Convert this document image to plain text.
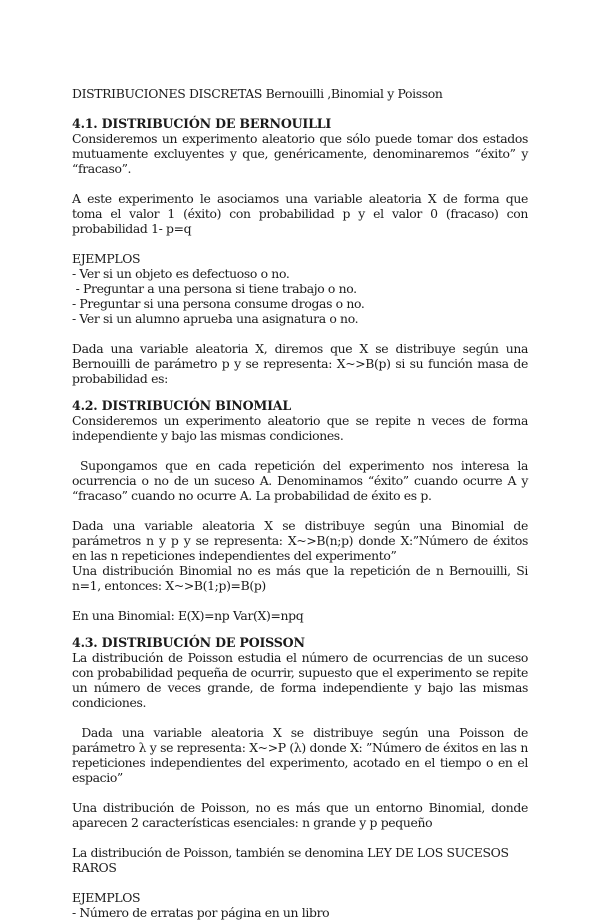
DISTRIBUCIONES DISCRETAS Bernouilli ,Binomial y Poisson

4.1. DISTRIBUCIÓN DE BERNOUILLI

Consideremos un experimento aleatorio que sólo puede tomar dos estados mutuamente excluyentes y que, genéricamente, denominaremos “éxito” y “fracaso”.

A este experimento le asociamos una variable aleatoria X de forma que toma el valor 1 (éxito) con probabilidad p y el valor 0 (fracaso) con probabilidad 1- p=q

EJEMPLOS

- Ver si un objeto es defectuoso o no.

- Preguntar a una persona si tiene trabajo o no.

- Preguntar si una persona consume drogas o no.

- Ver si un alumno aprueba una asignatura o no.

Dada una variable aleatoria X, diremos que X se distribuye según una Bernouilli de parámetro p y se representa: X~>B(p) si su función masa de probabilidad es:

4.2. DISTRIBUCIÓN BINOMIAL

Consideremos un experimento aleatorio que se repite n veces de forma independiente y bajo las mismas condiciones.

Supongamos que en cada repetición del experimento nos interesa la ocurrencia o no de un suceso A. Denominamos “éxito” cuando ocurre A y “fracaso” cuando no ocurre A. La probabilidad de éxito es p.

Dada una variable aleatoria X se distribuye según una Binomial de parámetros n y p y se representa: X~>B(n;p) donde X:”Número de éxitos en las n repeticiones independientes del experimento”

Una distribución Binomial no es más que la repetición de n Bernouilli, Si n=1, entonces: X~>B(1;p)=B(p)

En una Binomial: E(X)=np Var(X)=npq

4.3. DISTRIBUCIÓN DE POISSON

La distribución de Poisson estudia el número de ocurrencias de un suceso con probabilidad pequeña de ocurrir, supuesto que el experimento se repite un número de veces grande, de forma independiente y bajo las mismas condiciones.

Dada una variable aleatoria X se distribuye según una Poisson de parámetro λ y se representa: X~>P (λ) donde X: ”Número de éxitos en las n repeticiones independientes del experimento, acotado en el tiempo o en el espacio”

Una distribución de Poisson, no es más que un entorno Binomial, donde aparecen 2 características esenciales: n grande y p pequeño

La distribución de Poisson, también se denomina LEY DE LOS SUCESOS RAROS

EJEMPLOS

- Número de erratas por página en un libro
